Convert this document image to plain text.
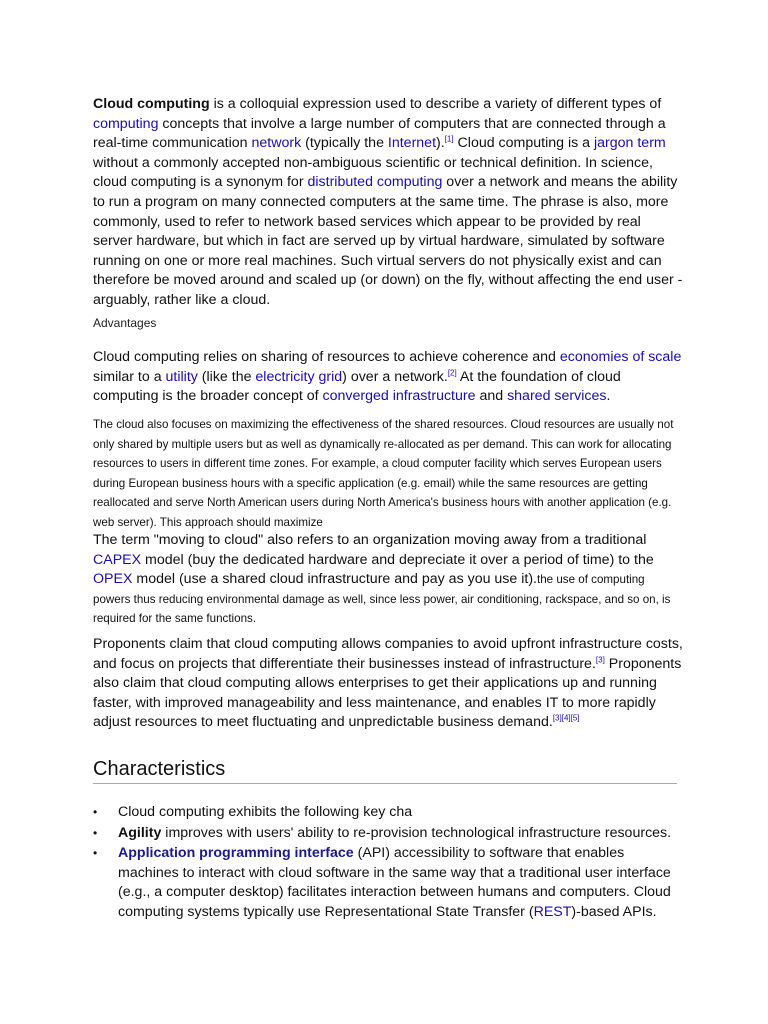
Cloud computing is a colloquial expression used to describe a variety of different types of computing concepts that involve a large number of computers that are connected through a real-time communication network (typically the Internet).[1] Cloud computing is a jargon term without a commonly accepted non-ambiguous scientific or technical definition. In science, cloud computing is a synonym for distributed computing over a network and means the ability to run a program on many connected computers at the same time. The phrase is also, more commonly, used to refer to network based services which appear to be provided by real server hardware, but which in fact are served up by virtual hardware, simulated by software running on one or more real machines. Such virtual servers do not physically exist and can therefore be moved around and scaled up (or down) on the fly, without affecting the end user - arguably, rather like a cloud.

Advantages

Cloud computing relies on sharing of resources to achieve coherence and economies of scale similar to a utility (like the electricity grid) over a network.[2] At the foundation of cloud computing is the broader concept of converged infrastructure and shared services.

The cloud also focuses on maximizing the effectiveness of the shared resources. Cloud resources are usually not only shared by multiple users but as well as dynamically re-allocated as per demand. This can work for allocating resources to users in different time zones. For example, a cloud computer facility which serves European users during European business hours with a specific application (e.g. email) while the same resources are getting reallocated and serve North American users during North America's business hours with another application (e.g. web server). This approach should maximize

The term "moving to cloud" also refers to an organization moving away from a traditional CAPEX model (buy the dedicated hardware and depreciate it over a period of time) to the OPEX model (use a shared cloud infrastructure and pay as you use it).the use of computing powers thus reducing environmental damage as well, since less power, air conditioning, rackspace, and so on, is required for the same functions.

Proponents claim that cloud computing allows companies to avoid upfront infrastructure costs, and focus on projects that differentiate their businesses instead of infrastructure.[3] Proponents also claim that cloud computing allows enterprises to get their applications up and running faster, with improved manageability and less maintenance, and enables IT to more rapidly adjust resources to meet fluctuating and unpredictable business demand.[3][4][5]

Characteristics
• Cloud computing exhibits the following key cha
• Agility improves with users' ability to re-provision technological infrastructure resources.
• Application programming interface (API) accessibility to software that enables machines to interact with cloud software in the same way that a traditional user interface (e.g., a computer desktop) facilitates interaction between humans and computers. Cloud computing systems typically use Representational State Transfer (REST)-based APIs.
